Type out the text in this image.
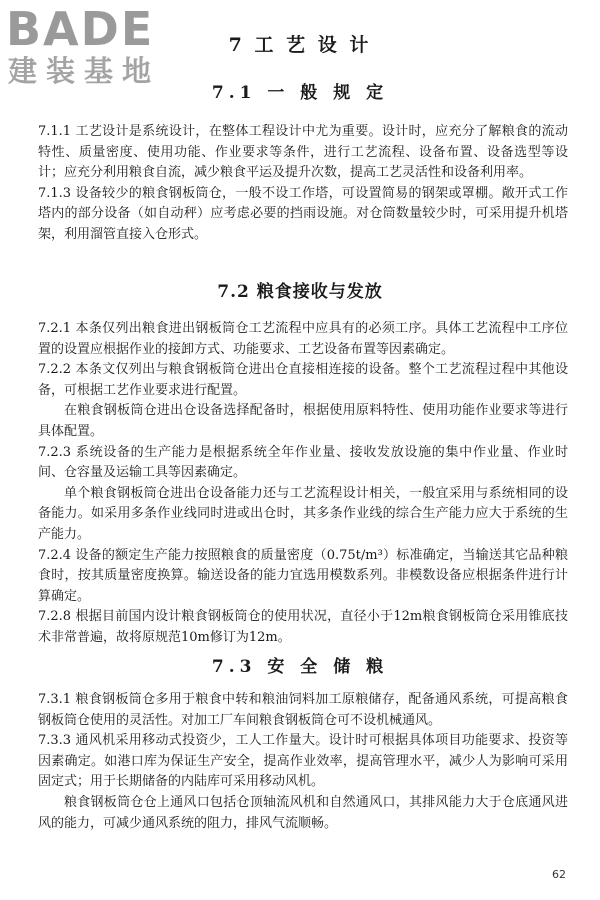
BADE
建装基地
7 工 艺 设 计
7.1 一 般 规 定

7.1.1 工艺设计是系统设计，在整体工程设计中尤为重要。设计时，应充分了解粮食的流动特性、质量密度、使用功能、作业要求等条件，进行工艺流程、设备布置、设备选型等设计；应充分利用粮食自流，减少粮食平运及提升次数，提高工艺灵活性和设备利用率。

7.1.3 设备较少的粮食钢板筒仓，一般不设工作塔，可设置简易的钢架或罩棚。敞开式工作塔内的部分设备（如自动秤）应考虑必要的挡雨设施。对仓筒数量较少时，可采用提升机塔架，利用溜管直接入仓形式。

7.2 粮食接收与发放

7.2.1 本条仅列出粮食进出钢板筒仓工艺流程中应具有的必须工序。具体工艺流程中工序位置的设置应根据作业的接卸方式、功能要求、工艺设备布置等因素确定。

7.2.2 本条文仅列出与粮食钢板筒仓进出仓直接相连接的设备。整个工艺流程过程中其他设备，可根据工艺作业要求进行配置。

在粮食钢板筒仓进出仓设备选择配备时，根据使用原料特性、使用功能作业要求等进行具体配置。

7.2.3 系统设备的生产能力是根据系统全年作业量、接收发放设施的集中作业量、作业时间、仓容量及运输工具等因素确定。

单个粮食钢板筒仓进出仓设备能力还与工艺流程设计相关，一般宜采用与系统相同的设备能力。如采用多条作业线同时进或出仓时，其多条作业线的综合生产能力应大于系统的生产能力。

7.2.4 设备的额定生产能力按照粮食的质量密度（0.75t/m³）标准确定，当输送其它品种粮食时，按其质量密度换算。输送设备的能力宜选用模数系列。非模数设备应根据条件进行计算确定。

7.2.8 根据目前国内设计粮食钢板筒仓的使用状况，直径小于12m粮食钢板筒仓采用锥底技术非常普遍，故将原规范10m修订为12m。

7.3 安 全 储 粮

7.3.1 粮食钢板筒仓多用于粮食中转和粮油饲料加工原粮储存，配备通风系统，可提高粮食钢板筒仓使用的灵活性。对加工厂车间粮食钢板筒仓可不设机械通风。

7.3.3 通风机采用移动式投资少，工人工作量大。设计时可根据具体项目功能要求、投资等因素确定。如港口库为保证生产安全，提高作业效率，提高管理水平，减少人为影响可采用固定式；用于长期储备的内陆库可采用移动风机。

粮食钢板筒仓仓上通风口包括仓顶轴流风机和自然通风口，其排风能力大于仓底通风进风的能力，可减少通风系统的阻力，排风气流顺畅。

62
